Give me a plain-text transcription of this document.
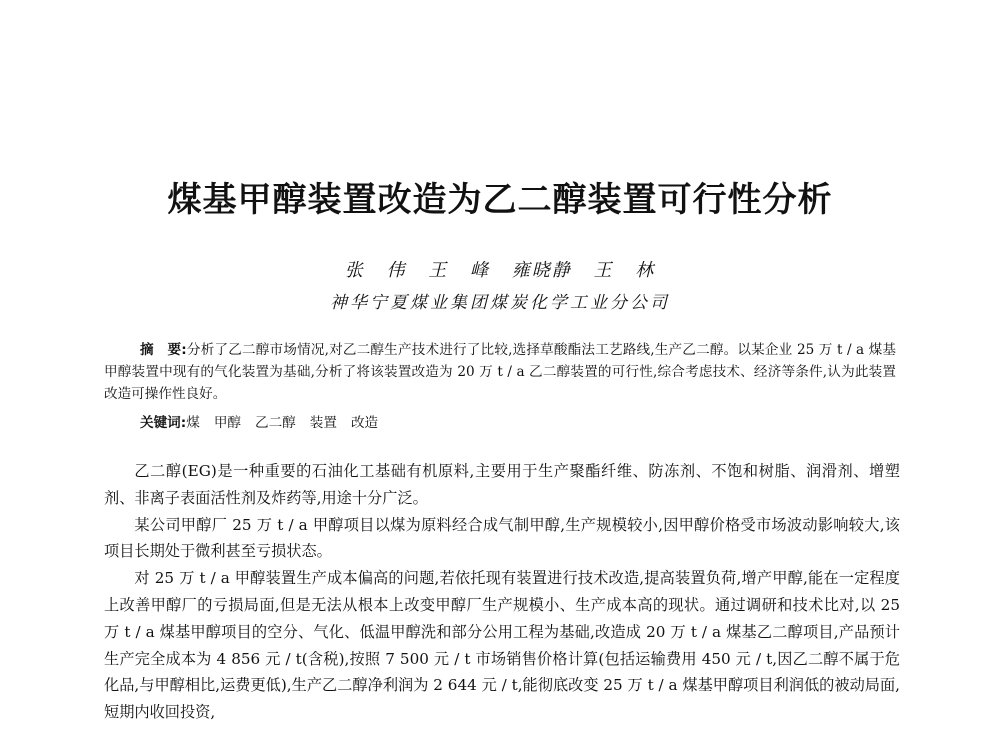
煤基甲醇装置改造为乙二醇装置可行性分析
张 伟 王 峰 雍晓静 王 林
神华宁夏煤业集团煤炭化学工业分公司
摘　要:分析了乙二醇市场情况,对乙二醇生产技术进行了比较,选择草酸酯法工艺路线,生产乙二醇。以某企业 25 万 t / a 煤基甲醇装置中现有的气化装置为基础,分析了将该装置改造为 20 万 t / a 乙二醇装置的可行性,综合考虑技术、经济等条件,认为此装置改造可操作性良好。
关键词:煤 甲醇 乙二醇 装置 改造

乙二醇(EG)是一种重要的石油化工基础有机原料,主要用于生产聚酯纤维、防冻剂、不饱和树脂、润滑剂、增塑剂、非离子表面活性剂及炸药等,用途十分广泛。

某公司甲醇厂 25 万 t / a 甲醇项目以煤为原料经合成气制甲醇,生产规模较小,因甲醇价格受市场波动影响较大,该项目长期处于微利甚至亏损状态。

对 25 万 t / a 甲醇装置生产成本偏高的问题,若依托现有装置进行技术改造,提高装置负荷,增产甲醇,能在一定程度上改善甲醇厂的亏损局面,但是无法从根本上改变甲醇厂生产规模小、生产成本高的现状。通过调研和技术比对,以 25 万 t / a 煤基甲醇项目的空分、气化、低温甲醇洗和部分公用工程为基础,改造成 20 万 t / a 煤基乙二醇项目,产品预计生产完全成本为 4 856 元 / t(含税),按照 7 500 元 / t 市场销售价格计算(包括运输费用 450 元 / t,因乙二醇不属于危化品,与甲醇相比,运费更低),生产乙二醇净利润为 2 644 元 / t,能彻底改变 25 万 t / a 煤基甲醇项目利润低的被动局面,短期内收回投资,
